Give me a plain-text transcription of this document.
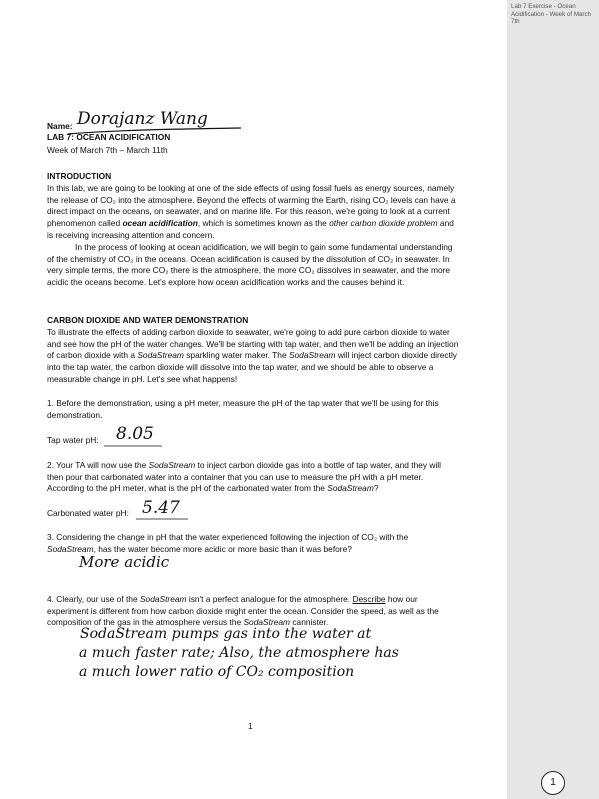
Name: Dorajanz Wang
LAB 7: OCEAN ACIDIFICATION
Week of March 7th – March 11th
INTRODUCTION
In this lab, we are going to be looking at one of the side effects of using fossil fuels as energy sources, namely the release of CO₂ into the atmosphere. Beyond the effects of warming the Earth, rising CO₂ levels can have a direct impact on the oceans, on seawater, and on marine life. For this reason, we're going to look at a current phenomenon called ocean acidification, which is sometimes known as the other carbon dioxide problem and is receiving increasing attention and concern.
In the process of looking at ocean acidification, we will begin to gain some fundamental understanding of the chemistry of CO₂ in the oceans. Ocean acidification is caused by the dissolution of CO₂ in seawater. In very simple terms, the more CO₂ there is the atmosphere, the more CO₂ dissolves in seawater, and the more acidic the oceans become. Let's explore how ocean acidification works and the causes behind it.
CARBON DIOXIDE AND WATER DEMONSTRATION
To illustrate the effects of adding carbon dioxide to seawater, we're going to add pure carbon dioxide to water and see how the pH of the water changes. We'll be starting with tap water, and then we'll be adding an injection of carbon dioxide with a SodaStream sparkling water maker. The SodaStream will inject carbon dioxide directly into the tap water, the carbon dioxide will dissolve into the tap water, and we should be able to observe a measurable change in pH. Let's see what happens!
1. Before the demonstration, using a pH meter, measure the pH of the tap water that we'll be using for this demonstration.
Tap water pH:	8.05
2. Your TA will now use the SodaStream to inject carbon dioxide gas into a bottle of tap water, and they will then pour that carbonated water into a container that you can use to measure the pH with a pH meter. According to the pH meter, what is the pH of the carbonated water from the SodaStream?
Carbonated water pH: 5.47
3. Considering the change in pH that the water experienced following the injection of CO₂ with the SodaStream, has the water become more acidic or more basic than it was before?
More acidic
4. Clearly, our use of the SodaStream isn't a perfect analogue for the atmosphere. Describe how our experiment is different from how carbon dioxide might enter the ocean. Consider the speed, as well as the composition of the gas in the atmosphere versus the SodaStream cannister.
SodaStream pumps gas into the water at
a much faster rate; Also, the atmosphere has
a much lower ratio of CO₂ composition
1
Lab 7 Exercise - Ocean Acidification - Week of March 7th
1
